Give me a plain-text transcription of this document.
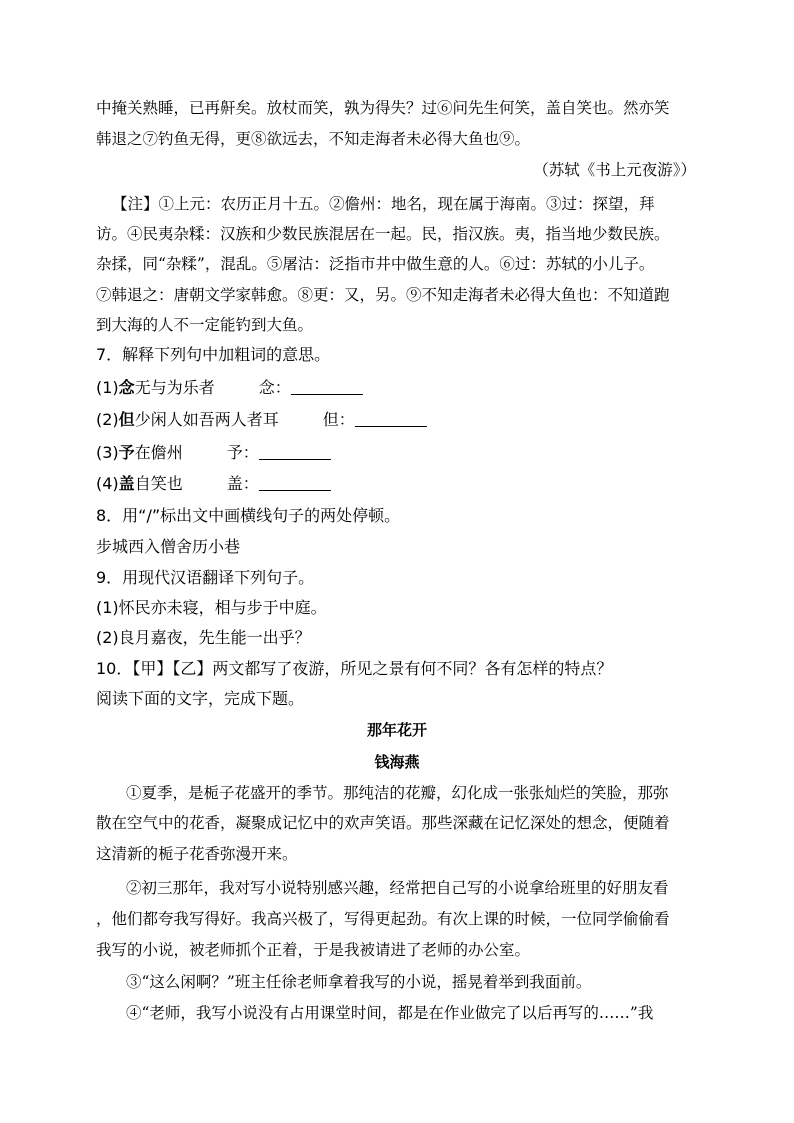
中掩关熟睡，已再鼾矣。放杖而笑，孰为得失？过⑥问先生何笑，盖自笑也。然亦笑
韩退之⑦钓鱼无得，更⑧欲远去，不知走海者未必得大鱼也⑨。
（苏轼《书上元夜游》）
【注】①上元：农历正月十五。②儋州：地名，现在属于海南。③过：探望，拜
访。④民夷杂糅：汉族和少数民族混居在一起。民，指汉族。夷，指当地少数民族。
杂揉，同“杂糅”，混乱。⑤屠沽：泛指市井中做生意的人。⑥过：苏轼的小儿子。
⑦韩退之：唐朝文学家韩愈。⑧更：又，另。⑨不知走海者未必得大鱼也：不知道跑
到大海的人不一定能钓到大鱼。
7．解释下列句中加粗词的意思。
(1)念无与为乐者	念：
(2)但少闲人如吾两人者耳	但：
(3)予在儋州	予：
(4)盖自笑也	盖：
8．用“/”标出文中画横线句子的两处停顿。
步城西入僧舍历小巷
9．用现代汉语翻译下列句子。
(1)怀民亦未寝，相与步于中庭。
(2)良月嘉夜，先生能一出乎？
10．【甲】【乙】两文都写了夜游，所见之景有何不同？各有怎样的特点？
阅读下面的文字，完成下题。
那年花开
钱海燕
①夏季，是栀子花盛开的季节。那纯洁的花瓣，幻化成一张张灿烂的笑脸，那弥
散在空气中的花香，凝聚成记忆中的欢声笑语。那些深藏在记忆深处的想念，便随着
这清新的栀子花香弥漫开来。
②初三那年，我对写小说特别感兴趣，经常把自己写的小说拿给班里的好朋友看
，他们都夸我写得好。我高兴极了，写得更起劲。有次上课的时候，一位同学偷偷看
我写的小说，被老师抓个正着，于是我被请进了老师的办公室。
③“这么闲啊？”班主任徐老师拿着我写的小说，摇晃着举到我面前。
④“老师，我写小说没有占用课堂时间，都是在作业做完了以后再写的……”我
